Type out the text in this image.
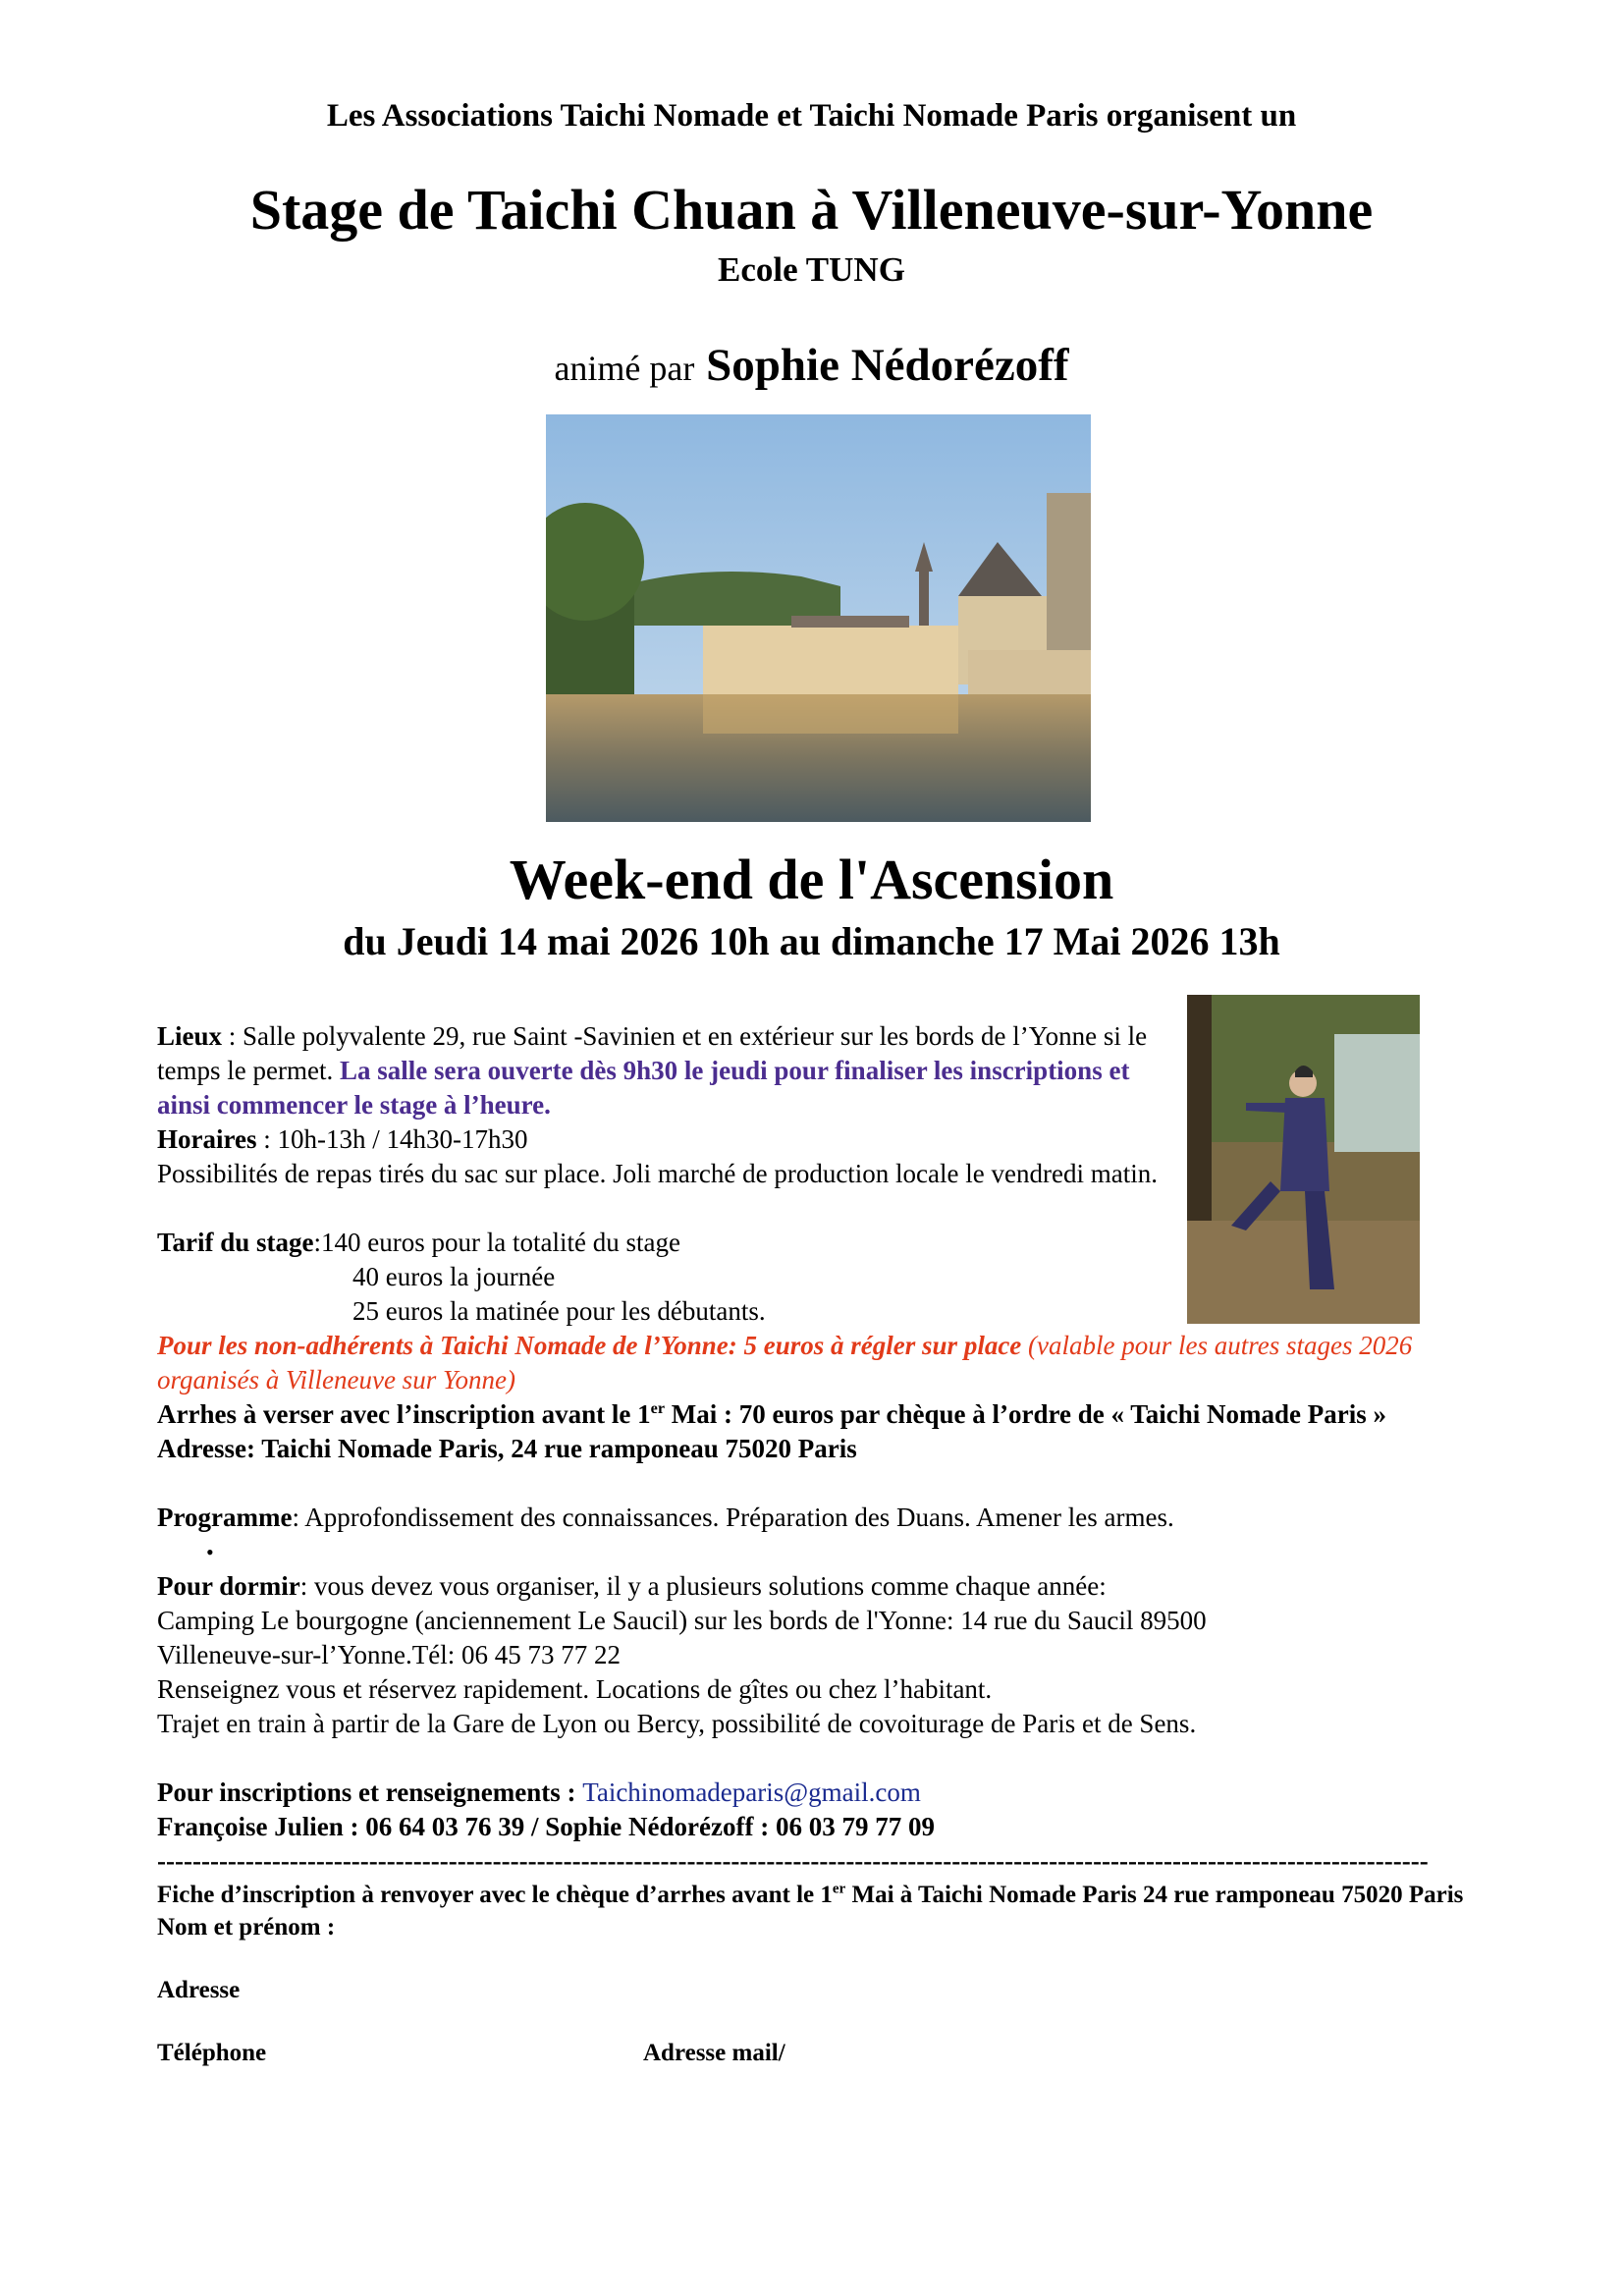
Les Associations Taichi Nomade et Taichi Nomade Paris organisent un
Stage de Taichi Chuan à Villeneuve-sur-Yonne
Ecole TUNG
animé par Sophie Nédorézoff
Week-end de l'Ascension
du Jeudi 14 mai 2026 10h au dimanche 17 Mai 2026 13h
Lieux : Salle polyvalente 29, rue Saint -Savinien et en extérieur sur les bords de l’Yonne si le temps le permet. La salle sera ouverte dès 9h30 le jeudi pour finaliser les inscriptions et ainsi commencer le stage à l’heure.
Horaires : 10h-13h / 14h30-17h30
Possibilités de repas tirés du sac sur place. Joli marché de production locale le vendredi matin.
Tarif du stage:140 euros pour la totalité du stage
40 euros la journée
25 euros la matinée pour les débutants.
Pour les non-adhérents à Taichi Nomade de l’Yonne: 5 euros à régler sur place (valable pour les autres stages 2026 organisés à Villeneuve sur Yonne)
Arrhes à verser avec l’inscription avant le 1er Mai : 70 euros par chèque à l’ordre de « Taichi Nomade Paris »
Adresse: Taichi Nomade Paris, 24 rue ramponeau 75020 Paris
Programme: Approfondissement des connaissances. Préparation des Duans. Amener les armes.
•
Pour dormir: vous devez vous organiser, il y a plusieurs solutions comme chaque année:
Camping Le bourgogne (anciennement Le Saucil) sur les bords de l'Yonne: 14 rue du Saucil 89500
Villeneuve-sur-l’Yonne.Tél: 06 45 73 77 22
Renseignez vous et réservez rapidement. Locations de gîtes ou chez l’habitant.
Trajet en train à partir de la Gare de Lyon ou Bercy, possibilité de covoiturage de Paris et de Sens.
Pour inscriptions et renseignements : Taichinomadeparis@gmail.com
Françoise Julien : 06 64 03 76 39 / Sophie Nédorézoff : 06 03 79 77 09
------------------------------------------------------------------------------------------------------------------------------------------------
Fiche d’inscription à renvoyer avec le chèque d’arrhes avant le 1er Mai à Taichi Nomade Paris 24 rue ramponeau 75020 Paris
Nom et prénom :
Adresse
Téléphone	Adresse mail/
